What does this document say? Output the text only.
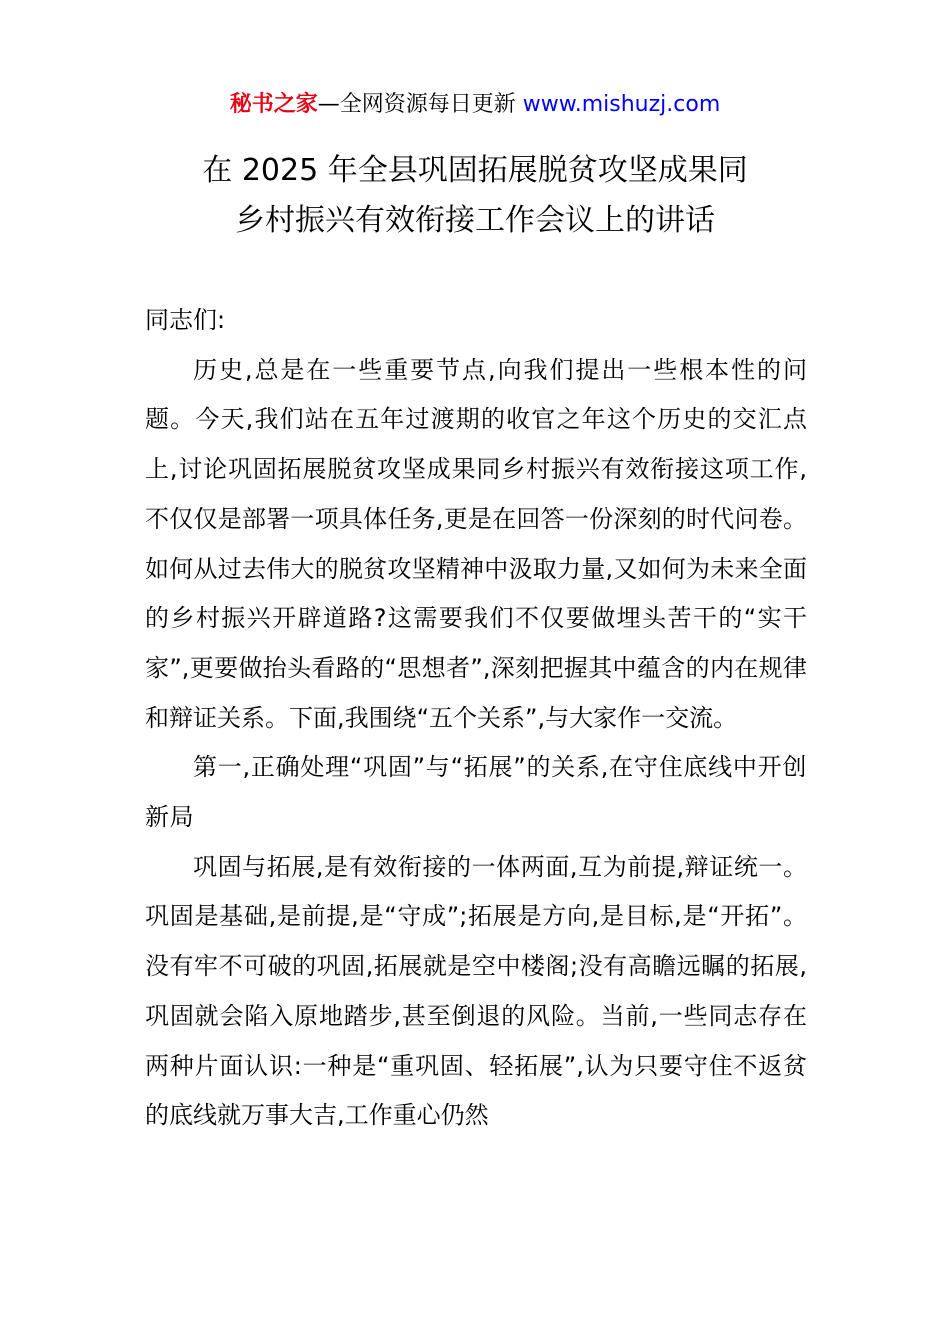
秘书之家—全网资源每日更新 www.mishuzj.com
在 2025 年全县巩固拓展脱贫攻坚成果同
乡村振兴有效衔接工作会议上的讲话

同志们:

历史,总是在一些重要节点,向我们提出一些根本性的问题。今天,我们站在五年过渡期的收官之年这个历史的交汇点上,讨论巩固拓展脱贫攻坚成果同乡村振兴有效衔接这项工作,不仅仅是部署一项具体任务,更是在回答一份深刻的时代问卷。如何从过去伟大的脱贫攻坚精神中汲取力量,又如何为未来全面的乡村振兴开辟道路?这需要我们不仅要做埋头苦干的“实干家”,更要做抬头看路的“思想者”,深刻把握其中蕴含的内在规律和辩证关系。下面,我围绕“五个关系”,与大家作一交流。

第一,正确处理“巩固”与“拓展”的关系,在守住底线中开创新局

巩固与拓展,是有效衔接的一体两面,互为前提,辩证统一。巩固是基础,是前提,是“守成”;拓展是方向,是目标,是“开拓”。没有牢不可破的巩固,拓展就是空中楼阁;没有高瞻远瞩的拓展,巩固就会陷入原地踏步,甚至倒退的风险。当前,一些同志存在两种片面认识:一种是“重巩固、轻拓展”,认为只要守住不返贫的底线就万事大吉,工作重心仍然
